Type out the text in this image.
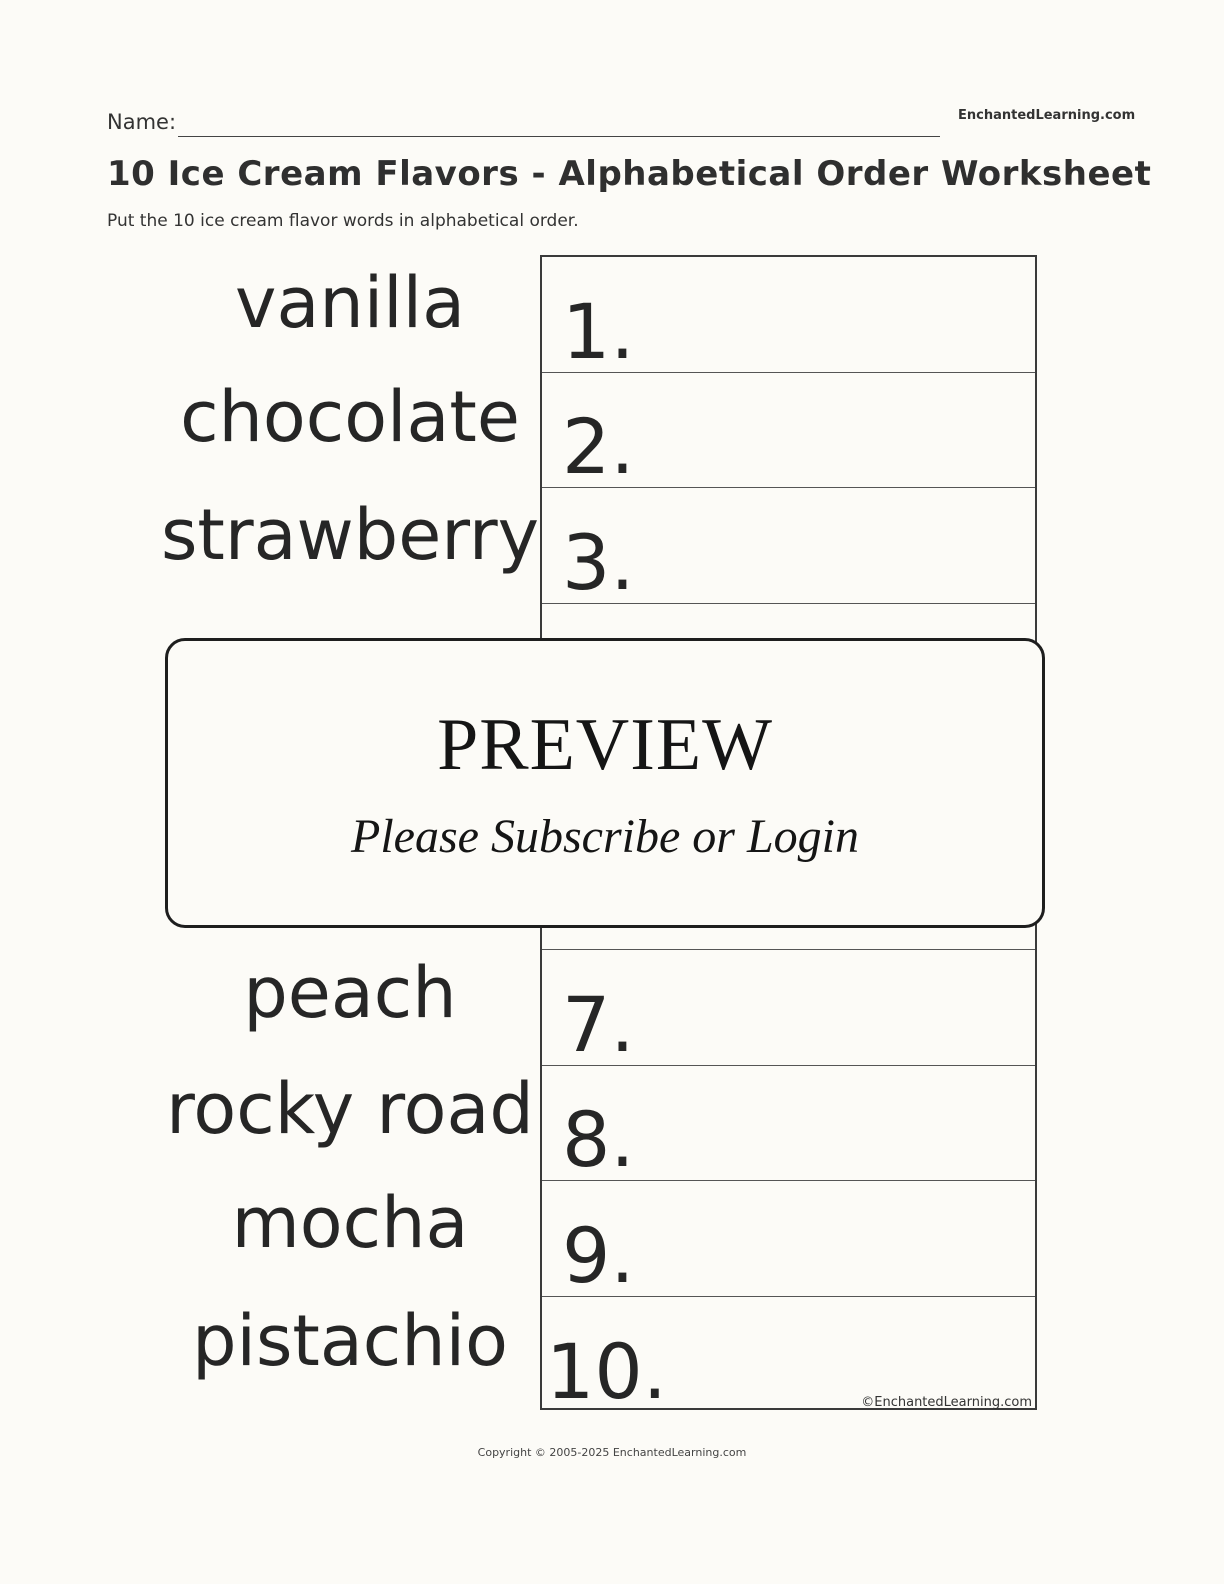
Name:	EnchantedLearning.com
10 Ice Cream Flavors - Alphabetical Order Worksheet
Put the 10 ice cream flavor words in alphabetical order.
vanilla
chocolate
strawberry
peach
rocky road
mocha
pistachio
1.
2.
3.
7.
8.
9.
10.	©EnchantedLearning.com
PREVIEW
Please Subscribe or Login
Copyright © 2005-2025 EnchantedLearning.com
